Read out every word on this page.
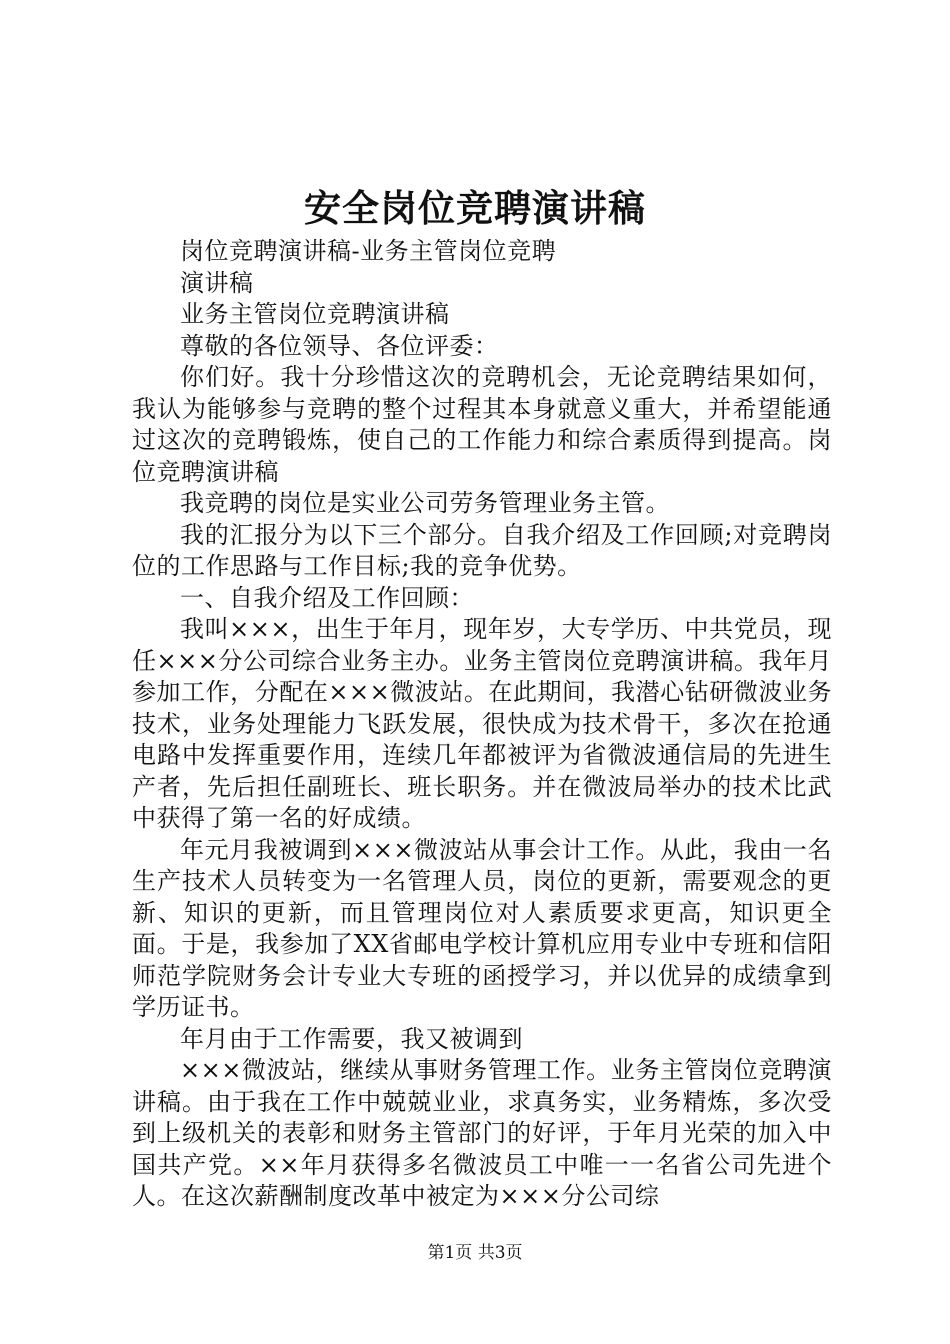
安全岗位竞聘演讲稿

岗位竞聘演讲稿-业务主管岗位竞聘

演讲稿

业务主管岗位竞聘演讲稿

尊敬的各位领导、各位评委：

你们好。我十分珍惜这次的竞聘机会，无论竞聘结果如何，我认为能够参与竞聘的整个过程其本身就意义重大，并希望能通过这次的竞聘锻炼，使自己的工作能力和综合素质得到提高。岗位竞聘演讲稿

我竞聘的岗位是实业公司劳务管理业务主管。

我的汇报分为以下三个部分。自我介绍及工作回顾;对竞聘岗位的工作思路与工作目标;我的竞争优势。

一、自我介绍及工作回顾：

我叫×××，出生于年月，现年岁，大专学历、中共党员，现任×××分公司综合业务主办。业务主管岗位竞聘演讲稿。我年月参加工作，分配在×××微波站。在此期间，我潜心钻研微波业务技术，业务处理能力飞跃发展，很快成为技术骨干，多次在抢通电路中发挥重要作用，连续几年都被评为省微波通信局的先进生产者，先后担任副班长、班长职务。并在微波局举办的技术比武中获得了第一名的好成绩。

年元月我被调到×××微波站从事会计工作。从此，我由一名生产技术人员转变为一名管理人员，岗位的更新，需要观念的更新、知识的更新，而且管理岗位对人素质要求更高，知识更全面。于是，我参加了XX省邮电学校计算机应用专业中专班和信阳师范学院财务会计专业大专班的函授学习，并以优异的成绩拿到学历证书。

年月由于工作需要，我又被调到

×××微波站，继续从事财务管理工作。业务主管岗位竞聘演讲稿。由于我在工作中兢兢业业，求真务实，业务精炼，多次受到上级机关的表彰和财务主管部门的好评，于年月光荣的加入中国共产党。××年月获得多名微波员工中唯一一名省公司先进个人。在这次薪酬制度改革中被定为×××分公司综

第1页 共3页
